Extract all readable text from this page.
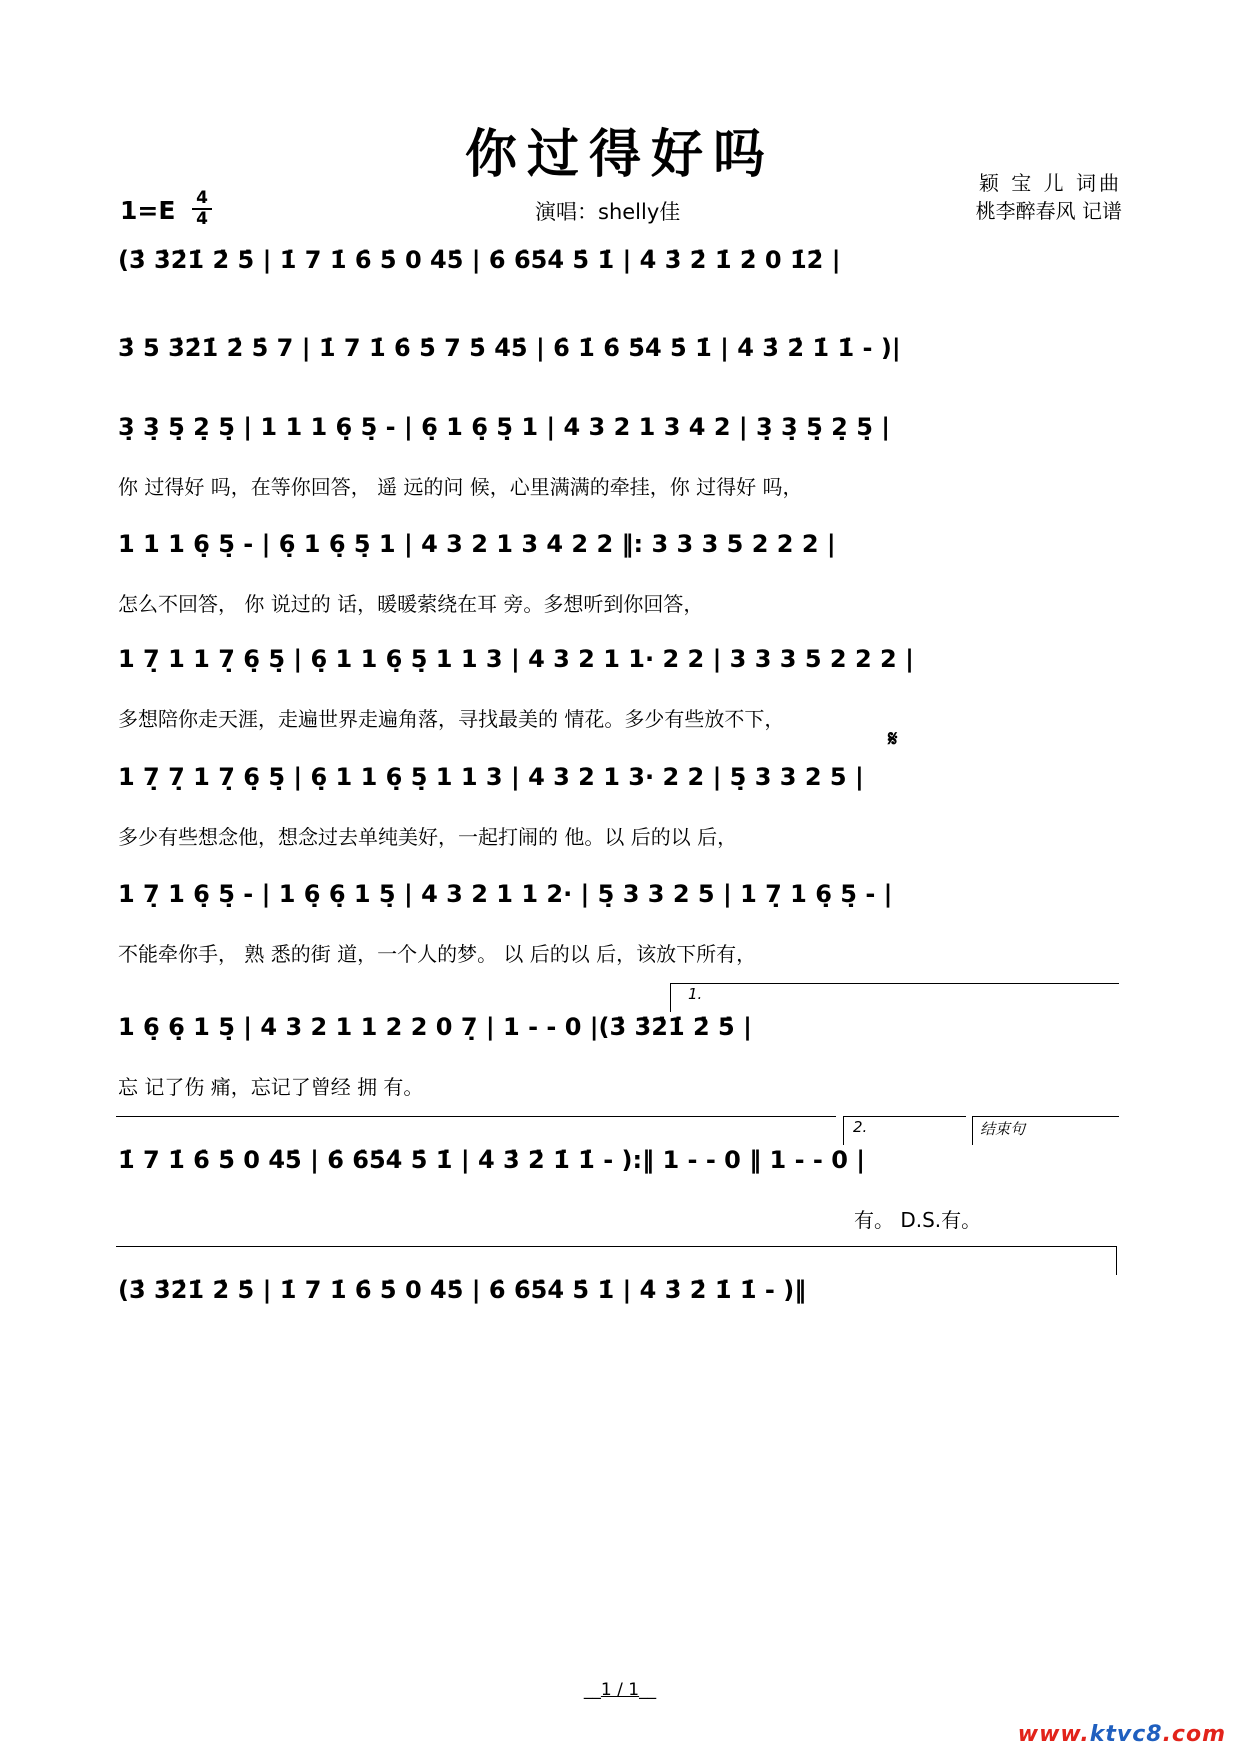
你过得好吗
1=E 4
4	演唱：shelly佳
颖 宝 儿 词曲
桃李醉春风 记谱
(3̇ 3̇2̇1̇ 2̇ 5̇ | 1̇ 7 1̇ 6̇ 5̇ 0 4̇5̇ | 6̇ 6̇5̇4̇ 5̇ 1̇ | 4̇ 3̇ 2̇ 1̇ 2̇ 0 1̇2̇ |
3̇ 5 3̇2̇1̇ 2̇ 5̇ 7 | 1̇ 7 1̇ 6̇ 5̇ 7 5̇ 4̇5̇ | 6̇ 1̇ 6̇ 5̇4̇ 5̇ 1̇ | 4̇ 3̇ 2̇ 1̇ 1̇ - )|
3̣ 3̣ 5̣ 2̣ 5̣ | 1 1 1 6̣ 5̣ - | 6̣ 1 6̣ 5̣ 1 | 4 3 2 1 3 4 2 | 3̣ 3̣ 5̣ 2̣ 5̣ |
你 过得好 吗，在等你回答， 遥 远的问 候，心里满满的牵挂，你 过得好 吗，
1 1 1 6̣ 5̣ - | 6̣ 1 6̣ 5̣ 1 | 4 3 2 1 3 4 2 2 ‖: 3 3 3 5 2 2 2 |
怎么不回答， 你 说过的 话，暖暖萦绕在耳 旁。多想听到你回答，
1 7̣ 1 1 7̣ 6̣ 5̣ | 6̣ 1 1 6̣ 5̣ 1 1 3 | 4 3 2 1 1· 2 2 | 3 3 3 5 2 2 2 |
多想陪你走天涯，走遍世界走遍角落，寻找最美的 情花。多少有些放不下，
𝄋
1 7̣ 7̣ 1 7̣ 6̣ 5̣ | 6̣ 1 1 6̣ 5̣ 1 1 3 | 4 3 2 1 3· 2 2 | 5̣ 3 3 2 5 |
多少有些想念他，想念过去单纯美好，一起打闹的 他。以 后的以 后，
1 7̣ 1 6̣ 5̣ - | 1 6̣ 6̣ 1 5̣ | 4 3 2 1 1 2· | 5̣ 3 3 2 5 | 1 7̣ 1 6̣ 5̣ - |
不能牵你手， 熟 悉的街 道，一个人的梦。 以 后的以 后，该放下所有，
1.
1 6̣ 6̣ 1 5̣ | 4 3 2 1 1 2 2 0 7̣ | 1 - - 0 |(3̇ 3̇2̇1̇ 2̇ 5̇ |
忘 记了伤 痛，忘记了曾经 拥 有。
2.	结束句
1̇ 7 1̇ 6̇ 5̇ 0 4̇5̇ | 6̇ 6̇5̇4̇ 5̇ 1̇ | 4̇ 3̇ 2̇ 1̇ 1̇ - ):‖ 1 - - 0 ‖ 1 - - 0 |
有。 D.S.有。
(3̇ 3̇2̇1̇ 2̇ 5̇ | 1̇ 7 1̇ 6̇ 5̇ 0 4̇5̇ | 6̇ 6̇5̇4̇ 5̇ 1̇ | 4̇ 3̇ 2̇ 1̇ 1̇ - )‖
__1 / 1__
www.ktvc8.com
